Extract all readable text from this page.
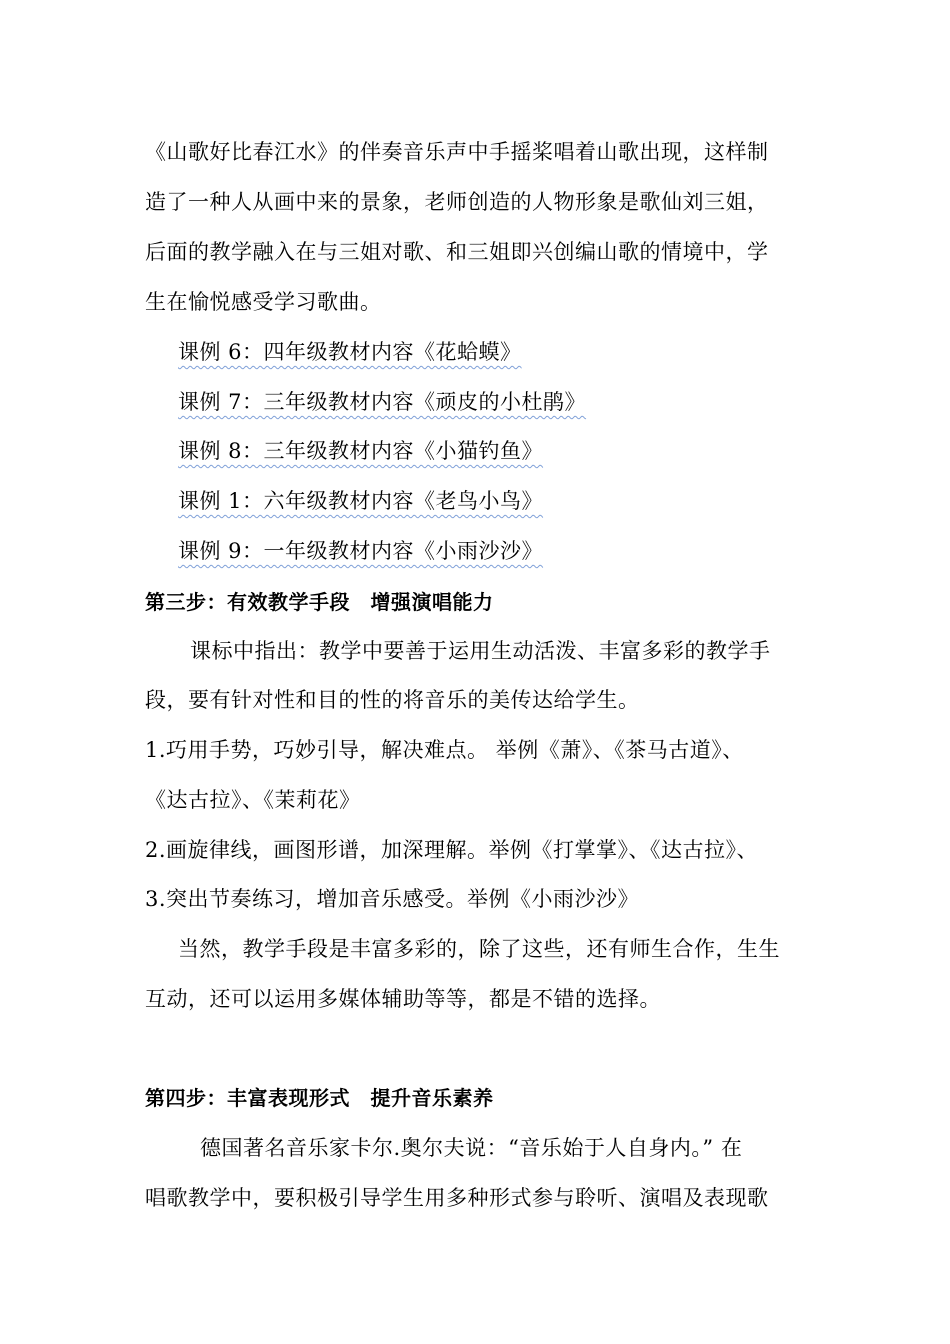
《山歌好比春江水》的伴奏音乐声中手摇桨唱着山歌出现，这样制
造了一种人从画中来的景象，老师创造的人物形象是歌仙刘三姐，
后面的教学融入在与三姐对歌、和三姐即兴创编山歌的情境中，学
生在愉悦感受学习歌曲。
课例 6：四年级教材内容《花蛤蟆》
课例 7：三年级教材内容《顽皮的小杜鹃》
课例 8：三年级教材内容《小猫钓鱼》
课例 1：六年级教材内容《老鸟小鸟》
课例 9：一年级教材内容《小雨沙沙》
第三步：有效教学手段　增强演唱能力
课标中指出：教学中要善于运用生动活泼、丰富多彩的教学手
段，要有针对性和目的性的将音乐的美传达给学生。
1.巧用手势，巧妙引导，解决难点。 举例《萧》、《茶马古道》、
《达古拉》、《茉莉花》
2.画旋律线，画图形谱，加深理解。举例《打掌掌》、《达古拉》、
3.突出节奏练习，增加音乐感受。举例《小雨沙沙》
当然，教学手段是丰富多彩的，除了这些，还有师生合作，生生
互动，还可以运用多媒体辅助等等，都是不错的选择。
第四步：丰富表现形式　提升音乐素养
德国著名音乐家卡尔.奥尔夫说：“音乐始于人自身内。” 在
唱歌教学中，要积极引导学生用多种形式参与聆听、演唱及表现歌
